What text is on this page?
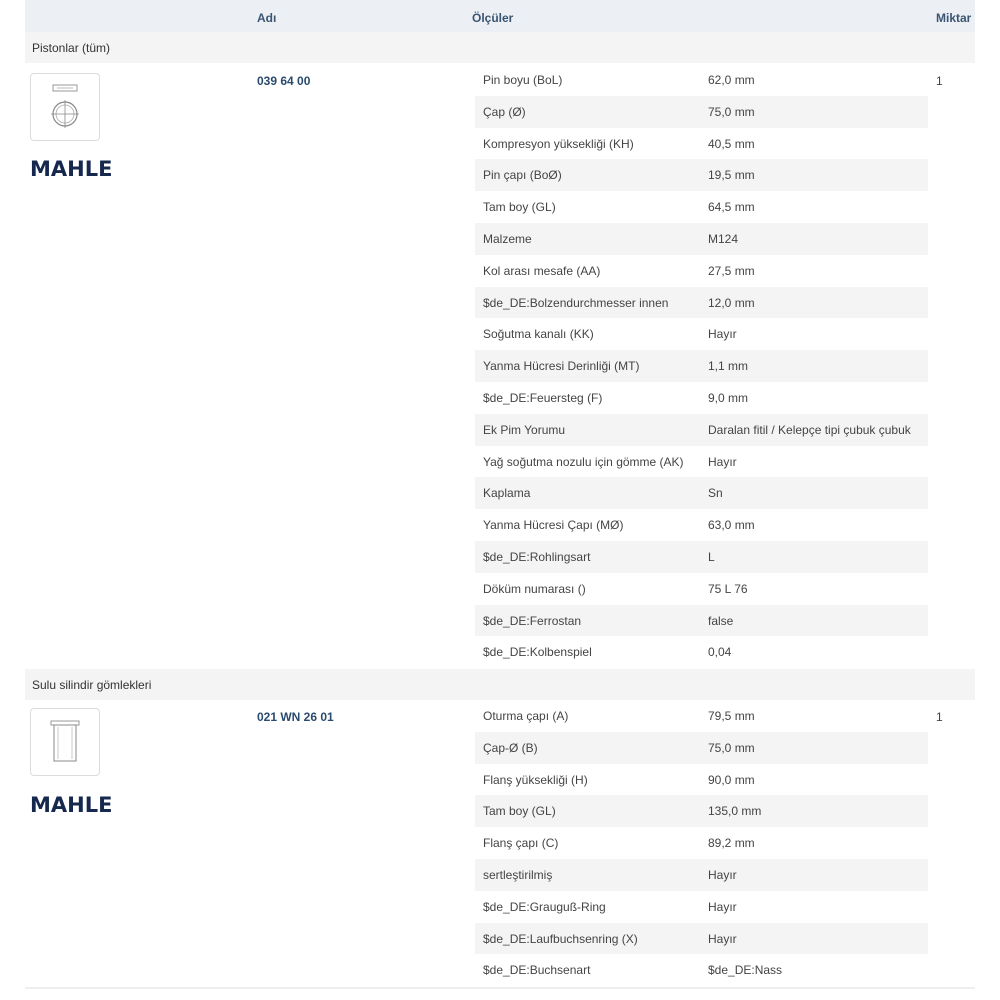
Adı	Ölçüler	Miktar
Pistonlar (tüm)
MAHLE
039 64 00	1
Pin boyu (BoL)	62,0 mm
Çap (Ø)	75,0 mm
Kompresyon yüksekliği (KH)	40,5 mm
Pin çapı (BoØ)	19,5 mm
Tam boy (GL)	64,5 mm
Malzeme	M124
Kol arası mesafe (AA)	27,5 mm
$de_DE:Bolzendurchmesser innen	12,0 mm
Soğutma kanalı (KK)	Hayır
Yanma Hücresi Derinliği (MT)	1,1 mm
$de_DE:Feuersteg (F)	9,0 mm
Ek Pim Yorumu	Daralan fitil / Kelepçe tipi çubuk çubuk
Yağ soğutma nozulu için gömme (AK) Hayır
Kaplama	Sn
Yanma Hücresi Çapı (MØ)	63,0 mm
$de_DE:Rohlingsart	L
Döküm numarası ()	75 L 76
$de_DE:Ferrostan	false
$de_DE:Kolbenspiel	0,04
Sulu silindir gömlekleri
MAHLE
021 WN 26 01	1
Oturma çapı (A)	79,5 mm
Çap-Ø (B)	75,0 mm
Flanş yüksekliği (H)	90,0 mm
Tam boy (GL)	135,0 mm
Flanş çapı (C)	89,2 mm
sertleştirilmiş	Hayır
$de_DE:Grauguß-Ring	Hayır
$de_DE:Laufbuchsenring (X)	Hayır
$de_DE:Buchsenart	$de_DE:Nass
